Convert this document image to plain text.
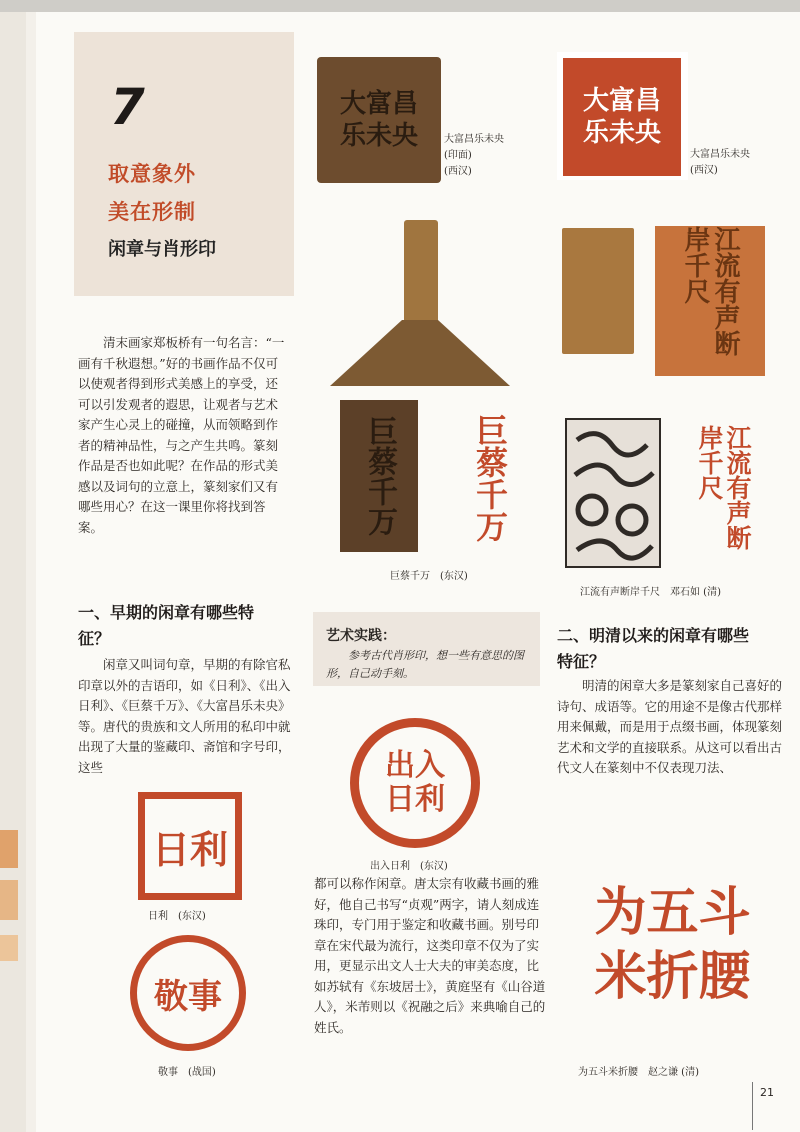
7
取意象外
美在形制
闲章与肖形印
清末画家郑板桥有一句名言：“一画有千秋遐想。”好的书画作品不仅可以使观者得到形式美感上的享受，还可以引发观者的遐思，让观者与艺术家产生心灵上的碰撞，从而领略到作者的精神品性，与之产生共鸣。篆刻作品是否也如此呢？在作品的形式美感以及词句的立意上，篆刻家们又有哪些用心？在这一课里你将找到答案。
一、早期的闲章有哪些特
征？
闲章又叫词句章，早期的有除官私印章以外的吉语印，如《日利》、《出入日利》、《巨蔡千万》、《大富昌乐未央》等。唐代的贵族和文人所用的私印中就出现了大量的鉴藏印、斋馆和字号印，这些
日利
日利　(东汉)
敬事
敬事　(战国)
大富昌乐未央	大富昌乐未央
(印面)
(西汉)
大富昌乐未央
大富昌乐未央
(西汉)
巨蔡千万 巨蔡千万
巨蔡千万　(东汉)
江流有声断岸千尺
江流有声断岸千尺
江流有声断岸千尺　邓石如 (清)
艺术实践：
参考古代肖形印，想一些有意思的图形，自己动手刻。
出入日利
出入日利　(东汉)
都可以称作闲章。唐太宗有收藏书画的雅好，他自己书写“贞观”两字，请人刻成连珠印，专门用于鉴定和收藏书画。别号印章在宋代最为流行，这类印章不仅为了实用，更显示出文人士大夫的审美态度，比如苏轼有《东坡居士》，黄庭坚有《山谷道人》，米芾则以《祝融之后》来典喻自己的姓氏。
二、明清以来的闲章有哪些
特征？
明清的闲章大多是篆刻家自己喜好的诗句、成语等。它的用途不是像古代那样用来佩戴，而是用于点缀书画，体现篆刻艺术和文学的直接联系。从这可以看出古代文人在篆刻中不仅表现刀法、
为五斗米折腰
为五斗米折腰　赵之谦 (清)
21
